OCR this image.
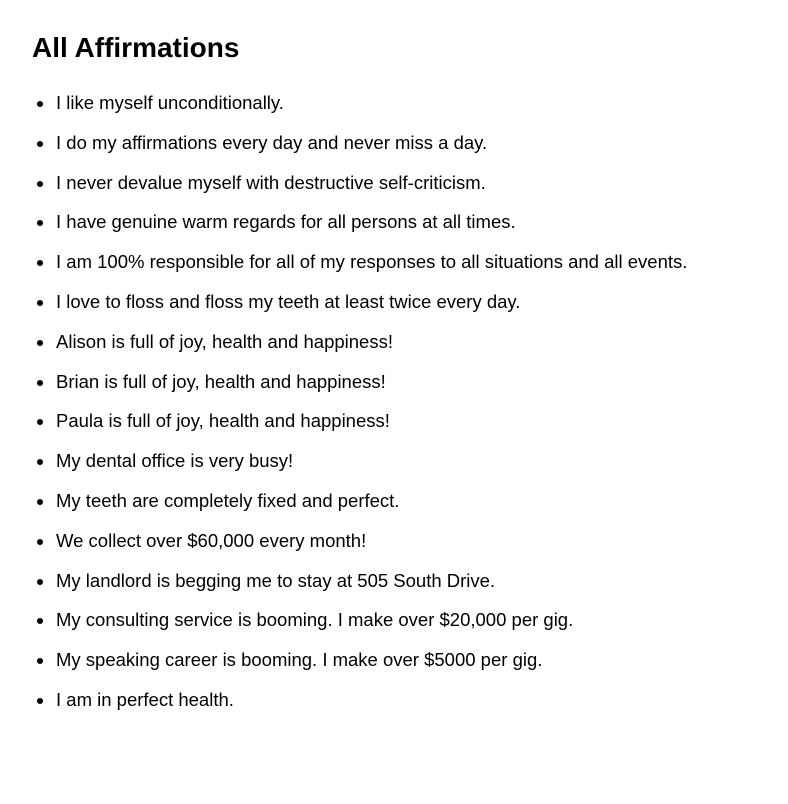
All Affirmations
I like myself unconditionally.
I do my affirmations every day and never miss a day.
I never devalue myself with destructive self-criticism.
I have genuine warm regards for all persons at all times.
I am 100% responsible for all of my responses to all situations and all events.
I love to floss and floss my teeth at least twice every day.
Alison is full of joy, health and happiness!
Brian is full of joy, health and happiness!
Paula is full of joy, health and happiness!
My dental office is very busy!
My teeth are completely fixed and perfect.
We collect over $60,000 every month!
My landlord is begging me to stay at 505 South Drive.
My consulting service is booming. I make over $20,000 per gig.
My speaking career is booming. I make over $5000 per gig.
I am in perfect health.
